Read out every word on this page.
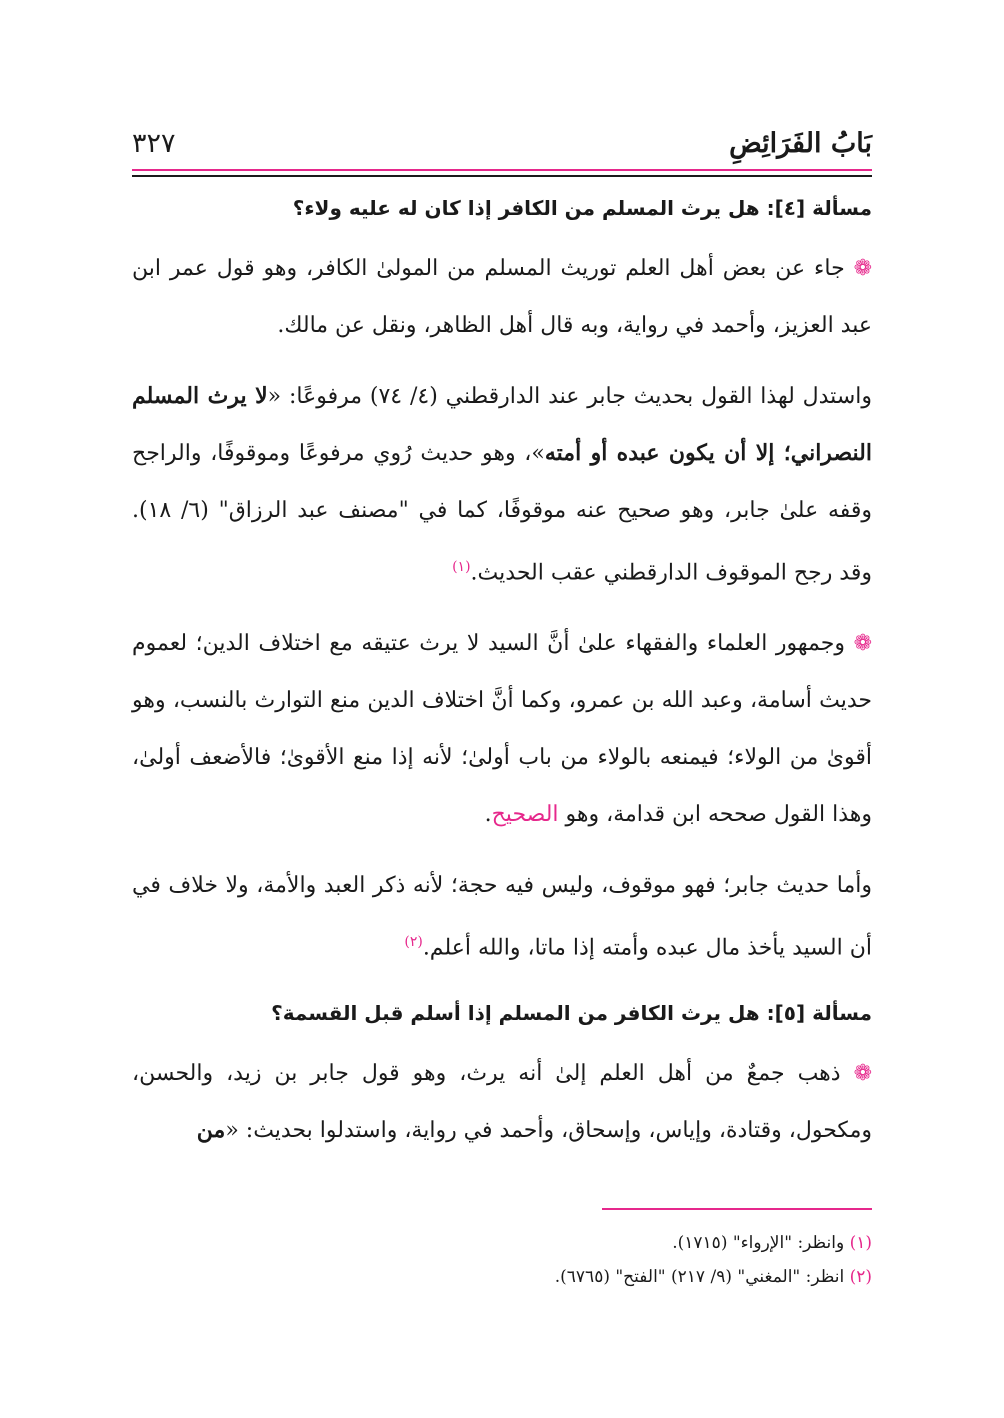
بَابُ الفَرَائِضِ
٣٢٧

مسألة [٤]: هل يرث المسلم من الكافر إذا كان له عليه ولاء؟

❁ جاء عن بعض أهل العلم توريث المسلم من المولىٰ الكافر، وهو قول عمر ابن عبد العزيز، وأحمد في رواية، وبه قال أهل الظاهر، ونقل عن مالك.

واستدل لهذا القول بحديث جابر عند الدارقطني (٤/ ٧٤) مرفوعًا: «لا يرث المسلم النصراني؛ إلا أن يكون عبده أو أمته»، وهو حديث رُوي مرفوعًا وموقوفًا، والراجح وقفه علىٰ جابر، وهو صحيح عنه موقوفًا، كما في "مصنف عبد الرزاق" (٦/ ١٨). وقد رجح الموقوف الدارقطني عقب الحديث.$^{(١)}$

❁ وجمهور العلماء والفقهاء علىٰ أنَّ السيد لا يرث عتيقه مع اختلاف الدين؛ لعموم حديث أسامة، وعبد الله بن عمرو، وكما أنَّ اختلاف الدين منع التوارث بالنسب، وهو أقوىٰ من الولاء؛ فيمنعه بالولاء من باب أولىٰ؛ لأنه إذا منع الأقوىٰ؛ فالأضعف أولىٰ، وهذا القول صححه ابن قدامة، وهو الصحيح.

وأما حديث جابر؛ فهو موقوف، وليس فيه حجة؛ لأنه ذكر العبد والأمة، ولا خلاف في أن السيد يأخذ مال عبده وأمته إذا ماتا، والله أعلم.$^{(٢)}$

مسألة [٥]: هل يرث الكافر من المسلم إذا أسلم قبل القسمة؟

❁ ذهب جمعٌ من أهل العلم إلىٰ أنه يرث، وهو قول جابر بن زيد، والحسن، ومكحول، وقتادة، وإياس، وإسحاق، وأحمد في رواية، واستدلوا بحديث: «من

(١) وانظر: "الإرواء" (١٧١٥).

(٢) انظر: "المغني" (٩/ ٢١٧) "الفتح" (٦٧٦٥).
